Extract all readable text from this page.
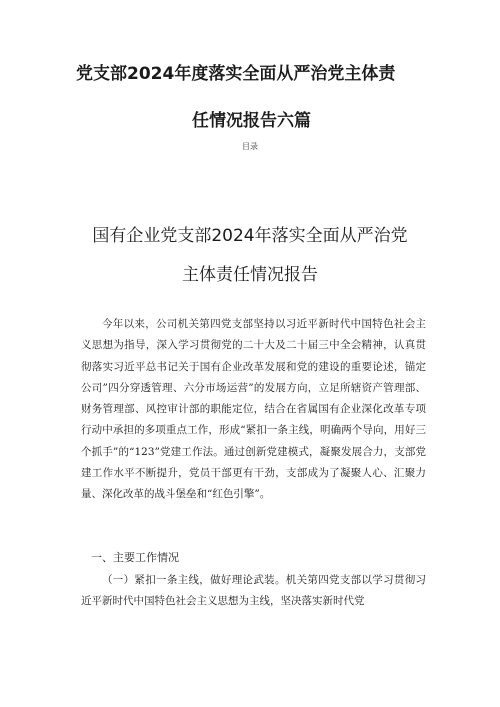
党支部2024年度落实全面从严治党主体责
任情况报告六篇
目录
国有企业党支部2024年落实全面从严治党
主体责任情况报告

今年以来，公司机关第四党支部坚持以习近平新时代中国特色社会主义思想为指导，深入学习贯彻党的二十大及二十届三中全会精神，认真贯彻落实习近平总书记关于国有企业改革发展和党的建设的重要论述，锚定公司”四分穿透管理、六分市场运营”的发展方向，立足所辖资产管理部、财务管理部、风控审计部的职能定位，结合在省属国有企业深化改革专项行动中承担的多项重点工作，形成“紧扣一条主线，明确两个导向，用好三个抓手”的“123”党建工作法。通过创新党建模式，凝聚发展合力，支部党建工作水平不断提升，党员干部更有干劲，支部成为了凝聚人心、汇聚力量、深化改革的战斗堡垒和“红色引擎”。

一、主要工作情况

（一）紧扣一条主线，做好理论武装。机关第四党支部以学习贯彻习近平新时代中国特色社会主义思想为主线，坚决落实新时代党
